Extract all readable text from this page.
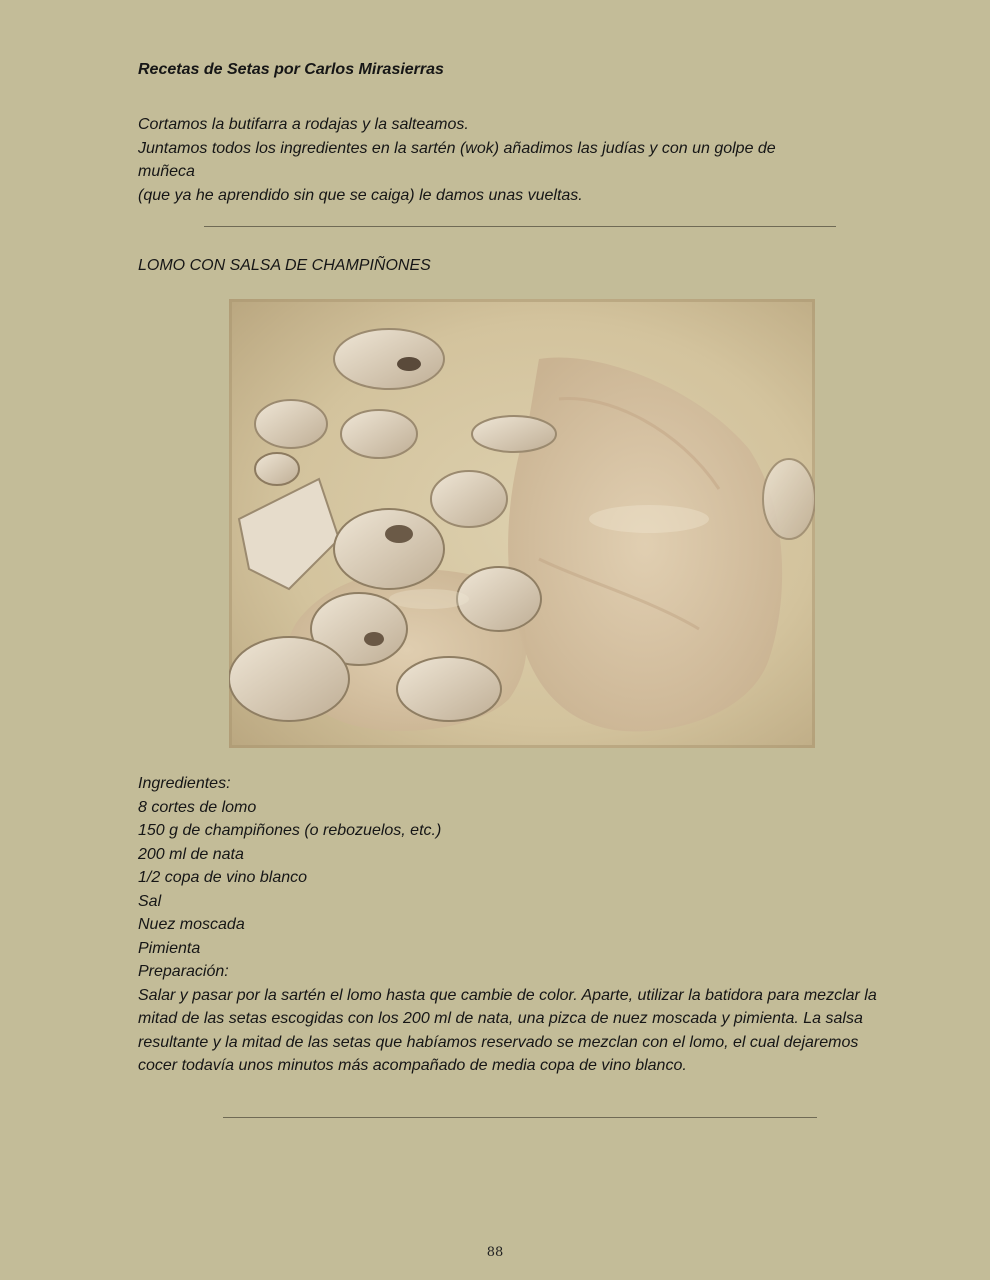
Recetas de Setas por Carlos Mirasierras

Cortamos la butifarra a rodajas y la salteamos.

Juntamos todos los ingredientes en la sartén (wok) añadimos las judías y con un golpe de

muñeca

(que ya he aprendido sin que se caiga) le damos unas vueltas.

LOMO CON SALSA DE CHAMPIÑONES

Ingredientes:

8 cortes de lomo

150 g de champiñones (o rebozuelos, etc.)

200 ml de nata

1/2 copa de vino blanco

Sal

Nuez moscada

Pimienta

Preparación:

Salar y pasar por la sartén el lomo hasta que cambie de color. Aparte, utilizar la batidora para mezclar la mitad de las setas escogidas con los 200 ml de nata, una pizca de nuez moscada y pimienta. La salsa resultante y la mitad de las setas que habíamos reservado se mezclan con el lomo, el cual dejaremos cocer todavía unos minutos más acompañado de media copa de vino blanco.

88
